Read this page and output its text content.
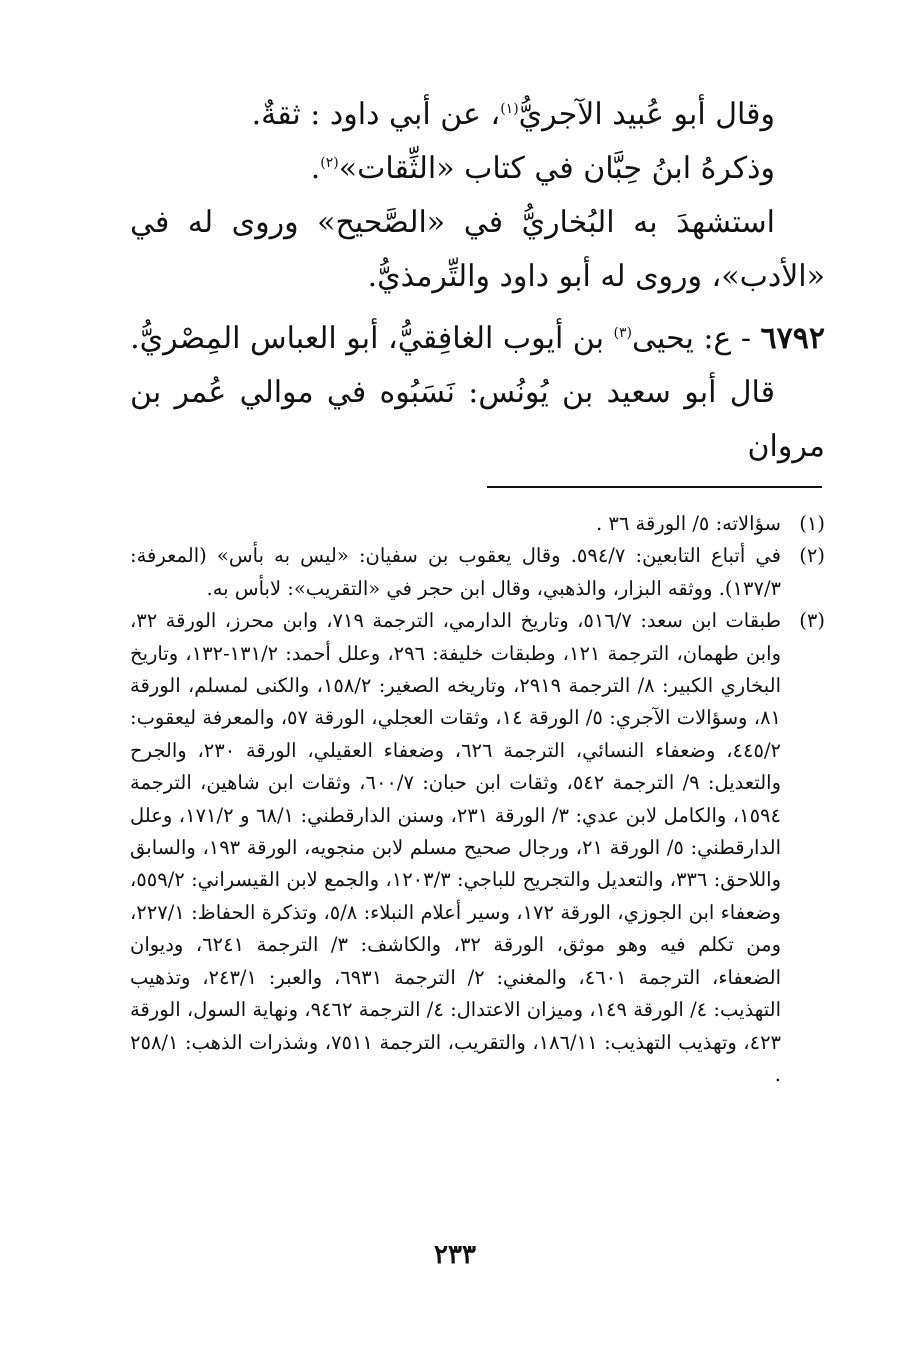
وقال أبو عُبيد الآجريُّ$^{(١)}$، عن أبي داود : ثقةٌ.

وذكرهُ ابنُ حِبَّان في كتاب «الثِّقات»$^{(٢)}$.

استشهدَ به البُخاريُّ في «الصَّحيح» وروى له في «الأدب»، وروى له أبو داود والتِّرمذيُّ.

٦٧٩٢ - ع: يحيى$^{(٣)}$ بن أيوب الغافِقيُّ، أبو العباس المِصْريُّ.

قال أبو سعيد بن يُونُس: نَسَبُوه في موالي عُمر بن مروان

(١)
سؤالاته: ٥/ الورقة ٣٦ .

(٢)
في أتباع التابعين: ٥٩٤/٧. وقال يعقوب بن سفيان: «ليس به بأس» (المعرفة: ١٣٧/٣). ووثقه البزار، والذهبي، وقال ابن حجر في «التقريب»: لابأس به.

(٣)
طبقات ابن سعد: ٥١٦/٧، وتاريخ الدارمي، الترجمة ٧١٩، وابن محرز، الورقة ٣٢، وابن طهمان، الترجمة ١٢١، وطبقات خليفة: ٢٩٦، وعلل أحمد: ١٣١/٢-١٣٢، وتاريخ البخاري الكبير: ٨/ الترجمة ٢٩١٩، وتاريخه الصغير: ١٥٨/٢، والكنى لمسلم، الورقة ٨١، وسؤالات الآجري: ٥/ الورقة ١٤، وثقات العجلي، الورقة ٥٧، والمعرفة ليعقوب: ٤٤٥/٢، وضعفاء النسائي، الترجمة ٦٢٦، وضعفاء العقيلي، الورقة ٢٣٠، والجرح والتعديل: ٩/ الترجمة ٥٤٢، وثقات ابن حبان: ٦٠٠/٧، وثقات ابن شاهين، الترجمة ١٥٩٤، والكامل لابن عدي: ٣/ الورقة ٢٣١، وسنن الدارقطني: ٦٨/١ و ١٧١/٢، وعلل الدارقطني: ٥/ الورقة ٢١، ورجال صحيح مسلم لابن منجويه، الورقة ١٩٣، والسابق واللاحق: ٣٣٦، والتعديل والتجريح للباجي: ١٢٠٣/٣، والجمع لابن القيسراني: ٥٥٩/٢، وضعفاء ابن الجوزي، الورقة ١٧٢، وسير أعلام النبلاء: ٥/٨، وتذكرة الحفاظ: ٢٢٧/١، ومن تكلم فيه وهو موثق، الورقة ٣٢، والكاشف: ٣/ الترجمة ٦٢٤١، وديوان الضعفاء، الترجمة ٤٦٠١، والمغني: ٢/ الترجمة ٦٩٣١، والعبر: ٢٤٣/١، وتذهيب التهذيب: ٤/ الورقة ١٤٩، وميزان الاعتدال: ٤/ الترجمة ٩٤٦٢، ونهاية السول، الورقة ٤٢٣، وتهذيب التهذيب: ١٨٦/١١، والتقريب، الترجمة ٧٥١١، وشذرات الذهب: ٢٥٨/١ .

٢٣٣
